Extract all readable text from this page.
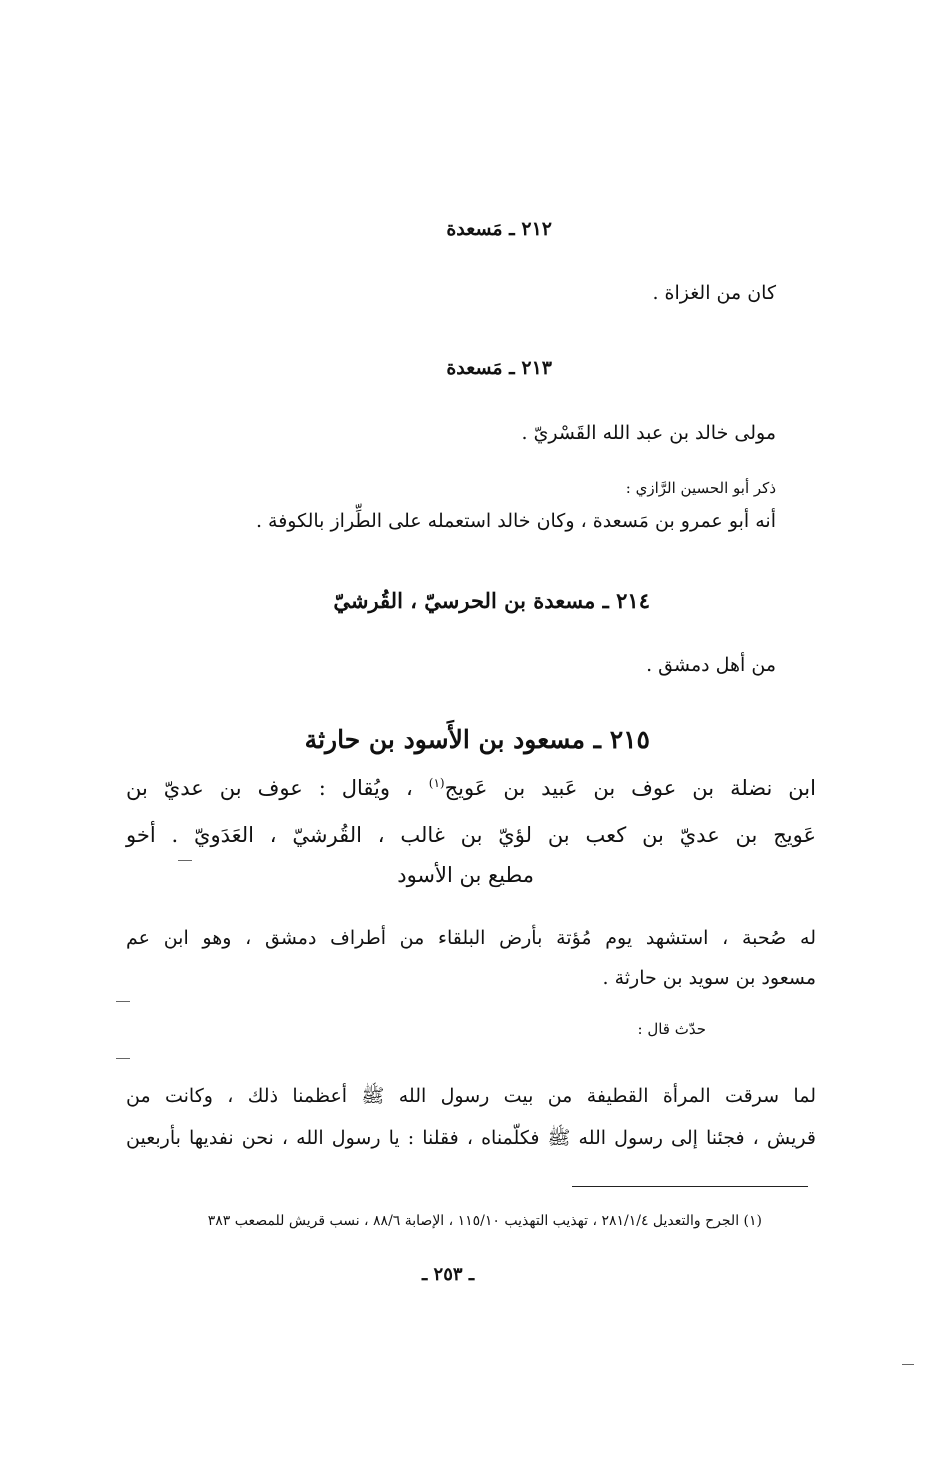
٢١٢ ـ مَسعدة
كان من الغزاة .
٢١٣ ـ مَسعدة
مولى خالد بن عبد الله القَسْريّ .
ذكر أبو الحسين الرَّازي :
أنه أبو عمرو بن مَسعدة ، وكان خالد استعمله على الطِّراز بالكوفة .
٢١٤ ـ مسعدة بن الحرسيّ ، القُرشيّ
من أهل دمشق .
٢١٥ ـ مسعود بن الأَسود بن حارثة
ابن نضلة بن عوف بن عَبيد بن عَويج$^{(١)}$ ، ويُقال : عوف بن عديّ بن
عَويج بن عديّ بن كعب بن لؤيّ بن غالب ، القُرشيّ ، العَدَويّ . أخو
مطيع بن الأسود
له صُحبة ، استشهد يوم مُؤتة بأرض البلقاء من أطراف دمشق ، وهو ابن عم
مسعود بن سويد بن حارثة .
حدّث قال :
لما سرقت المرأة القطيفة من بيت رسول الله ﷺ أعظمنا ذلك ، وكانت من
قريش ، فجئنا إلى رسول الله ﷺ فكلّمناه ، فقلنا : يا رسول الله ، نحن نفديها بأربعين
(١) الجرح والتعديل ٢٨١/١/٤ ، تهذيب التهذيب ١١٥/١٠ ، الإصابة ٨٨/٦ ، نسب قريش للمصعب ٣٨٣
ـ ٢٥٣ ـ
